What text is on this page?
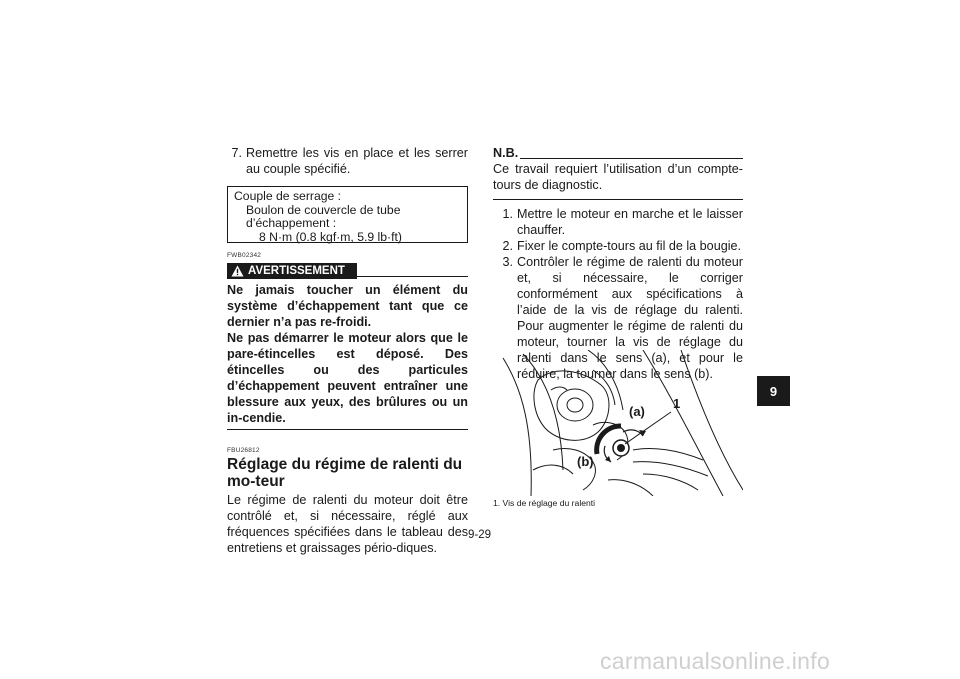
7. Remettre les vis en place et les serrer au couple spécifié.
Couple de serrage :
Boulon de couvercle de tube
d’échappement :
8 N·m (0.8 kgf·m, 5.9 lb·ft)
FWB02342
AVERTISSEMENT
Ne jamais toucher un élément du système d’échappement tant que ce dernier n’a pas re-froidi.
Ne pas démarrer le moteur alors que le pare-étincelles est déposé. Des étincelles ou des particules d’échappement peuvent entraîner une blessure aux yeux, des brûlures ou un in-cendie.
FBU26812
Réglage du régime de ralenti du mo-teur
Le régime de ralenti du moteur doit être contrôlé et, si nécessaire, réglé aux fréquences spécifiées dans le tableau des entretiens et graissages pério-diques.
N.B.
Ce travail requiert l’utilisation d’un compte-tours de diagnostic.
1. Mettre le moteur en marche et le laisser chauffer.
2. Fixer le compte-tours au fil de la bougie.
3. Contrôler le régime de ralenti du moteur et, si nécessaire, le corriger conformément aux spécifications à l’aide de la vis de réglage du ralenti. Pour augmenter le régime de ralenti du moteur, tourner la vis de réglage du ralenti dans le sens (a), et pour le réduire, la tourner dans le sens (b).
(a)
(b)
1
1. Vis de réglage du ralenti
9-29
9
carmanualsonline.info
